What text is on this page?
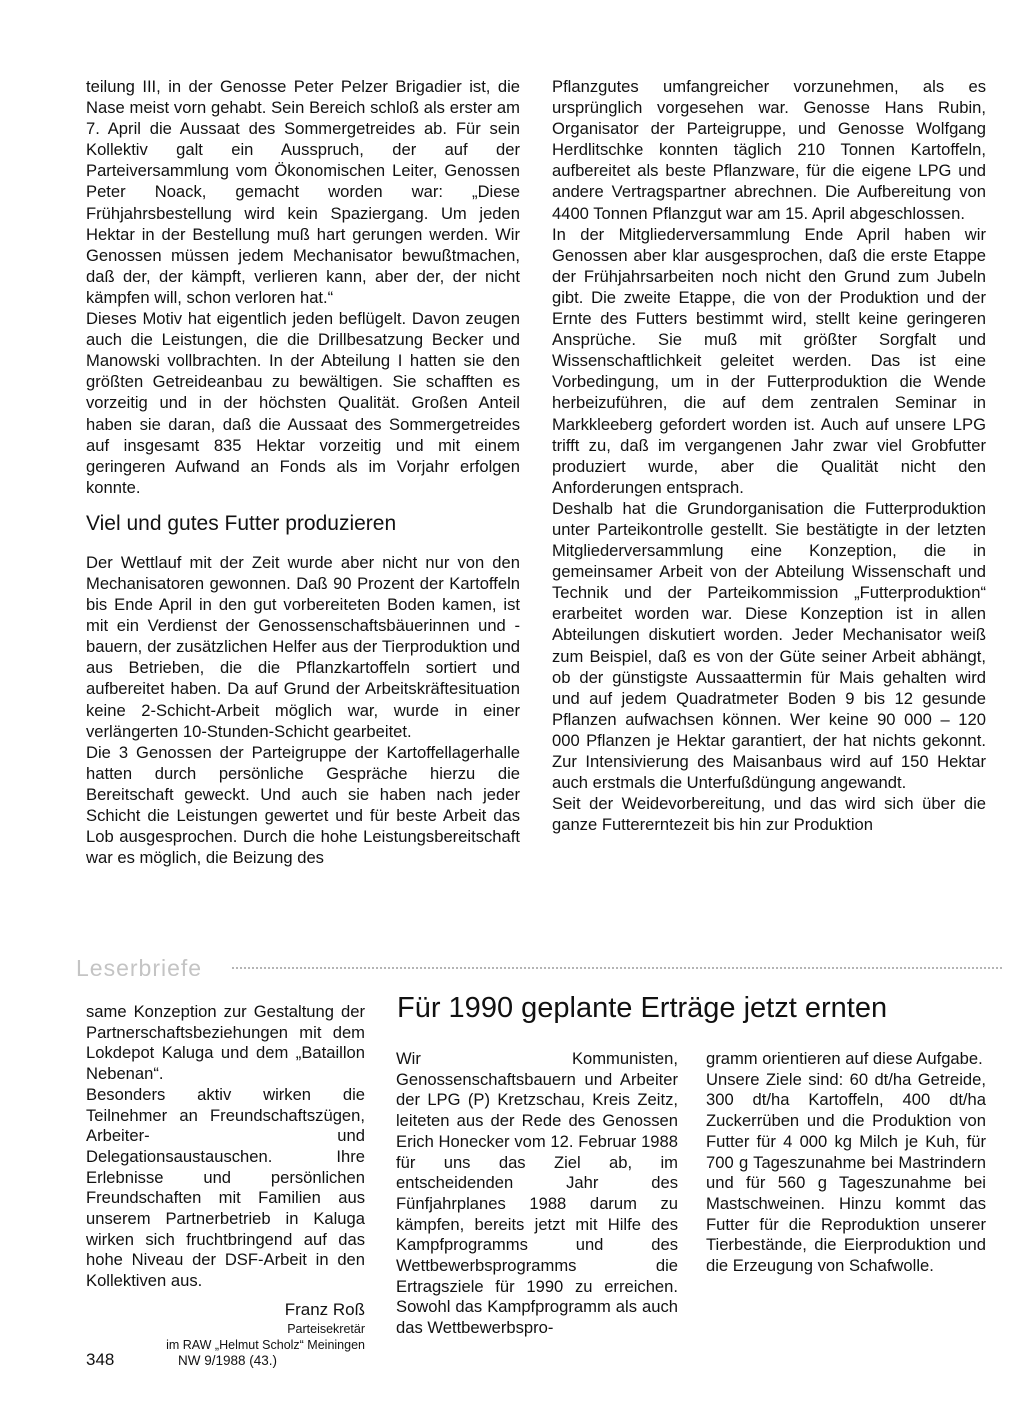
teilung III, in der Genosse Peter Pelzer Brigadier ist, die Nase meist vorn gehabt. Sein Bereich schloß als erster am 7. April die Aussaat des Sommergetreides ab. Für sein Kollektiv galt ein Ausspruch, der auf der Parteiversammlung vom Ökonomischen Leiter, Genossen Peter Noack, gemacht worden war: „Diese Frühjahrsbestellung wird kein Spaziergang. Um jeden Hektar in der Bestellung muß hart gerungen werden. Wir Genossen müssen jedem Mechanisator bewußtmachen, daß der, der kämpft, verlieren kann, aber der, der nicht kämpfen will, schon verloren hat.“

Dieses Motiv hat eigentlich jeden beflügelt. Davon zeugen auch die Leistungen, die die Drillbesatzung Becker und Manowski vollbrachten. In der Abteilung I hatten sie den größten Getreideanbau zu bewältigen. Sie schafften es vorzeitig und in der höchsten Qualität. Großen Anteil haben sie daran, daß die Aussaat des Sommergetreides auf insgesamt 835 Hektar vorzeitig und mit einem geringeren Aufwand an Fonds als im Vorjahr erfolgen konnte.

Viel und gutes Futter produzieren

Der Wettlauf mit der Zeit wurde aber nicht nur von den Mechanisatoren gewonnen. Daß 90 Prozent der Kartoffeln bis Ende April in den gut vorbereiteten Boden kamen, ist mit ein Verdienst der Genossenschaftsbäuerinnen und -bauern, der zusätzlichen Helfer aus der Tierproduktion und aus Betrieben, die die Pflanzkartoffeln sortiert und aufbereitet haben. Da auf Grund der Arbeitskräftesituation keine 2-Schicht-Arbeit möglich war, wurde in einer verlängerten 10-Stunden-Schicht gearbeitet.

Die 3 Genossen der Parteigruppe der Kartoffellagerhalle hatten durch persönliche Gespräche hierzu die Bereitschaft geweckt. Und auch sie haben nach jeder Schicht die Leistungen gewertet und für beste Arbeit das Lob ausgesprochen. Durch die hohe Leistungsbereitschaft war es möglich, die Beizung des

Pflanzgutes umfangreicher vorzunehmen, als es ursprünglich vorgesehen war. Genosse Hans Rubin, Organisator der Parteigruppe, und Genosse Wolfgang Herdlitschke konnten täglich 210 Tonnen Kartoffeln, aufbereitet als beste Pflanzware, für die eigene LPG und andere Vertragspartner abrechnen. Die Aufbereitung von 4400 Tonnen Pflanzgut war am 15. April abgeschlossen.

In der Mitgliederversammlung Ende April haben wir Genossen aber klar ausgesprochen, daß die erste Etappe der Frühjahrsarbeiten noch nicht den Grund zum Jubeln gibt. Die zweite Etappe, die von der Produktion und der Ernte des Futters bestimmt wird, stellt keine geringeren Ansprüche. Sie muß mit größter Sorgfalt und Wissenschaftlichkeit geleitet werden. Das ist eine Vorbedingung, um in der Futterproduktion die Wende herbeizuführen, die auf dem zentralen Seminar in Markkleeberg gefordert worden ist. Auch auf unsere LPG trifft zu, daß im vergangenen Jahr zwar viel Grobfutter produziert wurde, aber die Qualität nicht den Anforderungen entsprach.

Deshalb hat die Grundorganisation die Futterproduktion unter Parteikontrolle gestellt. Sie bestätigte in der letzten Mitgliederversammlung eine Konzeption, die in gemeinsamer Arbeit von der Abteilung Wissenschaft und Technik und der Parteikommission „Futterproduktion“ erarbeitet worden war. Diese Konzeption ist in allen Abteilungen diskutiert worden. Jeder Mechanisator weiß zum Beispiel, daß es von der Güte seiner Arbeit abhängt, ob der günstigste Aussaattermin für Mais gehalten wird und auf jedem Quadratmeter Boden 9 bis 12 gesunde Pflanzen aufwachsen können. Wer keine 90 000 – 120 000 Pflanzen je Hektar garantiert, der hat nichts gekonnt. Zur Intensivierung des Maisanbaus wird auf 150 Hektar auch erstmals die Unterfußdüngung angewandt.

Seit der Weidevorbereitung, und das wird sich über die ganze Futtererntezeit bis hin zur Produktion

Leserbriefe

same Konzeption zur Gestaltung der Partnerschaftsbeziehungen mit dem Lokdepot Kaluga und dem „Bataillon Nebenan“.

Besonders aktiv wirken die Teilnehmer an Freundschaftszügen, Arbeiter- und Delegationsaustauschen. Ihre Erlebnisse und persönlichen Freundschaften mit Familien aus unserem Partnerbetrieb in Kaluga wirken sich fruchtbringend auf das hohe Niveau der DSF-Arbeit in den Kollektiven aus.

Franz Roß
Parteisekretär
im RAW „Helmut Scholz“ Meiningen
Für 1990 geplante Erträge jetzt ernten

Wir Kommunisten, Genossenschaftsbauern und Arbeiter der LPG (P) Kretzschau, Kreis Zeitz, leiteten aus der Rede des Genossen Erich Honecker vom 12. Februar 1988 für uns das Ziel ab, im entscheidenden Jahr des Fünfjahrplanes 1988 darum zu kämpfen, bereits jetzt mit Hilfe des Kampfprogramms und des Wettbewerbsprogramms die Ertragsziele für 1990 zu erreichen. Sowohl das Kampfprogramm als auch das Wettbewerbspro-

gramm orientieren auf diese Aufgabe.

Unsere Ziele sind: 60 dt/ha Getreide, 300 dt/ha Kartoffeln, 400 dt/ha Zuckerrüben und die Produktion von Futter für 4 000 kg Milch je Kuh, für 700 g Tageszunahme bei Mastrindern und für 560 g Tageszunahme bei Mastschweinen. Hinzu kommt das Futter für die Reproduktion unserer Tierbestände, die Eierproduktion und die Erzeugung von Schafwolle.

348	NW 9/1988 (43.)
